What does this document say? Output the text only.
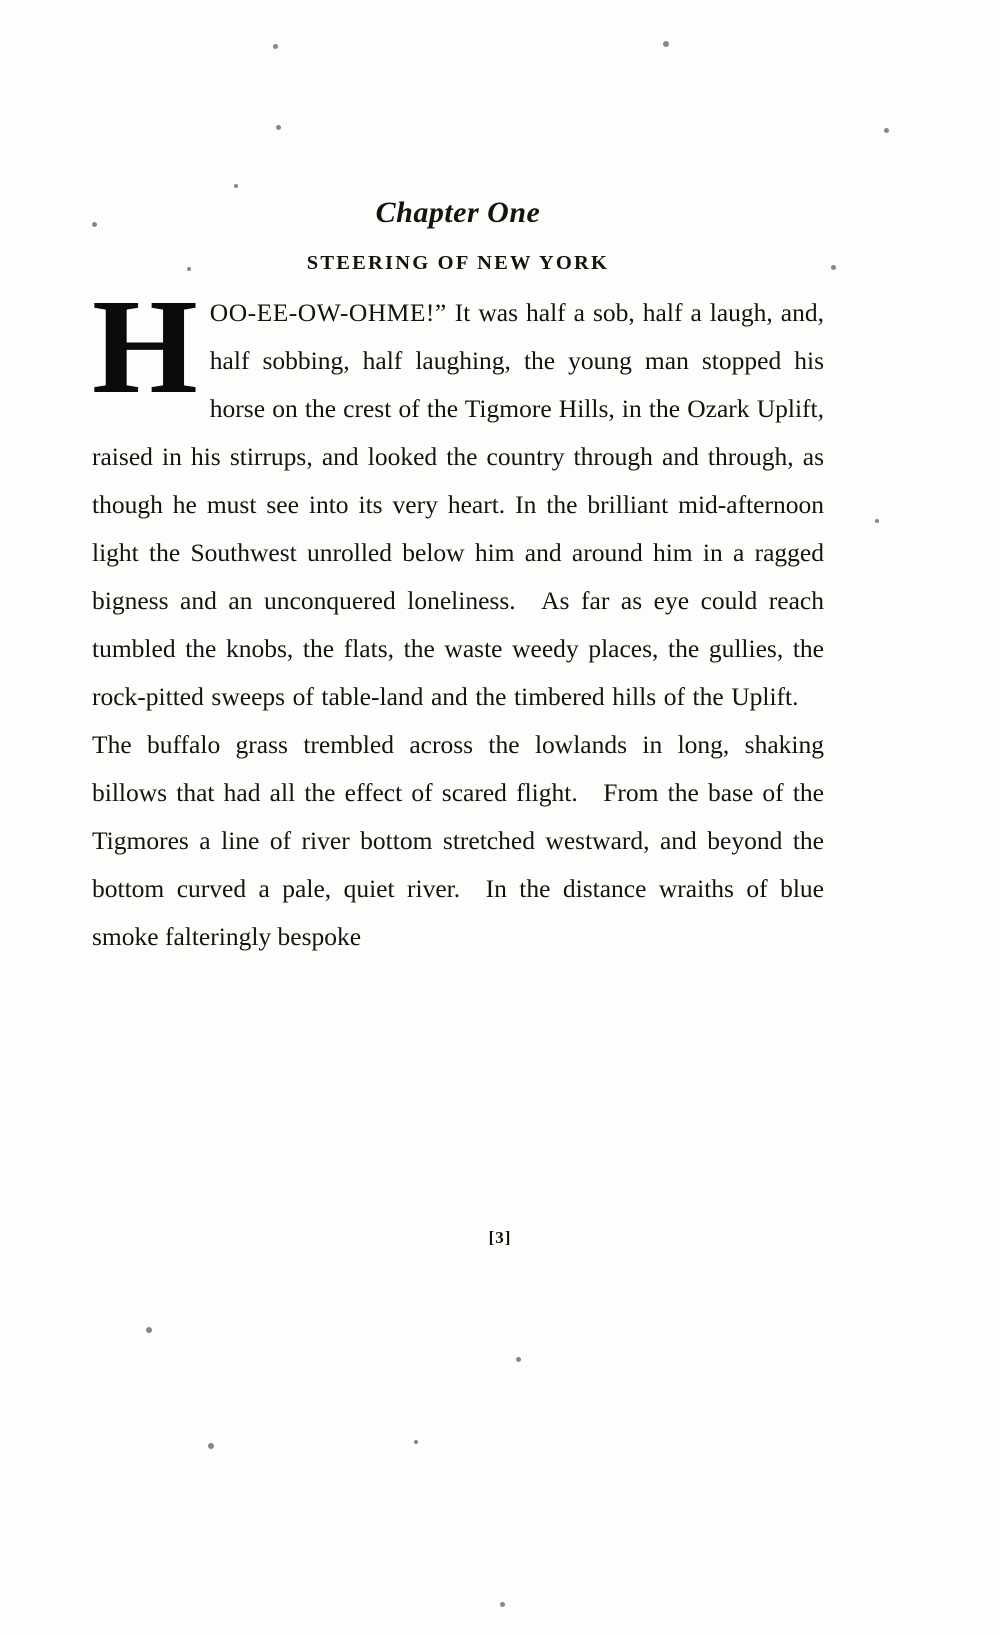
Chapter One
STEERING OF NEW YORK
HOO-EE-OW-OHME!” It was half a sob, half a laugh, and, half sobbing, half laughing, the young man stopped his horse on the crest of the Tigmore Hills, in the Ozark Uplift, raised in his stirrups, and looked the country through and through, as though he must see into its very heart. In the brilliant mid-afternoon light the Southwest unrolled below him and around him in a ragged bigness and an unconquered loneliness. As far as eye could reach tumbled the knobs, the flats, the waste weedy places, the gullies, the rock-pitted sweeps of table-land and the timbered hills of the Uplift. The buffalo grass trembled across the lowlands in long, shaking billows that had all the effect of scared flight. From the base of the Tigmores a line of river bottom stretched westward, and beyond the bottom curved a pale, quiet river. In the distance wraiths of blue smoke falteringly bespoke
[3]
